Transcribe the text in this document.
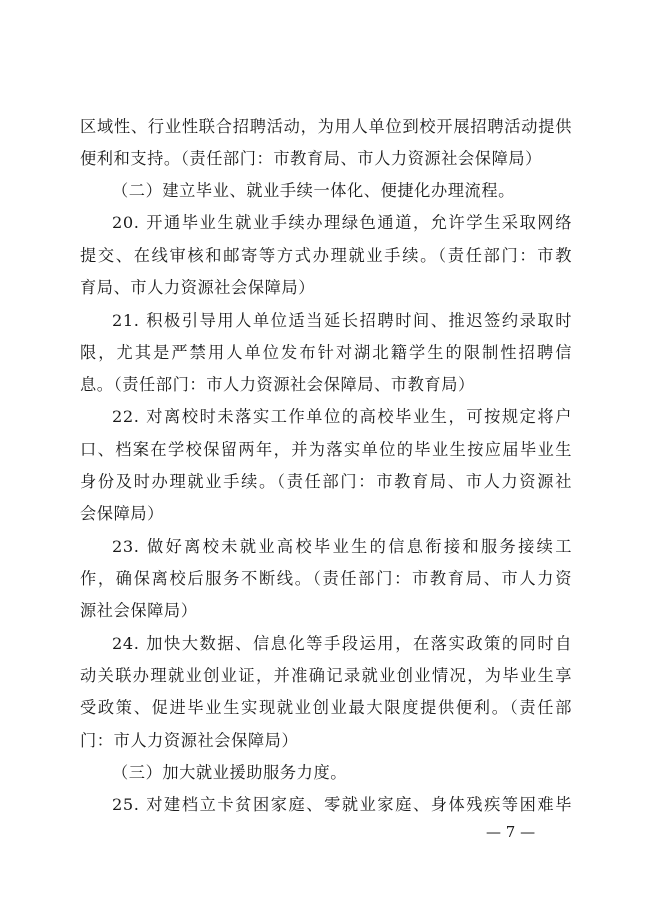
区域性、行业性联合招聘活动，为用人单位到校开展招聘活动提供
便利和支持。（责任部门：市教育局、市人力资源社会保障局）
（二）建立毕业、就业手续一体化、便捷化办理流程。
20. 开通毕业生就业手续办理绿色通道，允许学生采取网络
提交、在线审核和邮寄等方式办理就业手续。（责任部门：市教
育局、市人力资源社会保障局）
21. 积极引导用人单位适当延长招聘时间、推迟签约录取时
限，尤其是严禁用人单位发布针对湖北籍学生的限制性招聘信
息。（责任部门：市人力资源社会保障局、市教育局）
22. 对离校时未落实工作单位的高校毕业生，可按规定将户
口、档案在学校保留两年，并为落实单位的毕业生按应届毕业生
身份及时办理就业手续。（责任部门：市教育局、市人力资源社
会保障局）
23. 做好离校未就业高校毕业生的信息衔接和服务接续工
作，确保离校后服务不断线。（责任部门：市教育局、市人力资
源社会保障局）
24. 加快大数据、信息化等手段运用，在落实政策的同时自
动关联办理就业创业证，并准确记录就业创业情况，为毕业生享
受政策、促进毕业生实现就业创业最大限度提供便利。（责任部
门：市人力资源社会保障局）
（三）加大就业援助服务力度。
25. 对建档立卡贫困家庭、零就业家庭、身体残疾等困难毕
— 7 —
